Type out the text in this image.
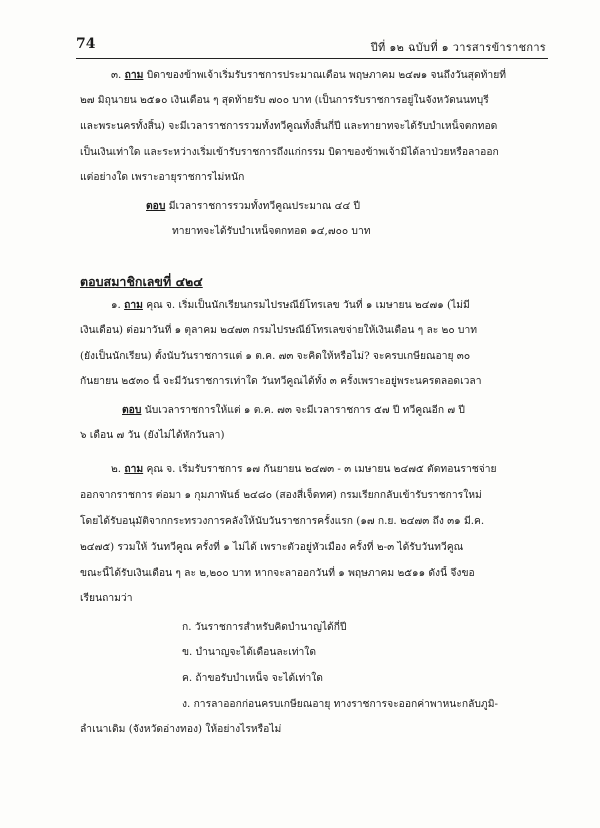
74	ปีที่ ๑๒ ฉบับที่ ๑ วารสารข้าราชการ
๓. ถาม บิดาของข้าพเจ้าเริ่มรับราชการประมาณเดือน พฤษภาคม ๒๔๗๑ จนถึงวันสุดท้ายที่
๒๗ มิถุนายน ๒๕๑๐ เงินเดือน ๆ สุดท้ายรับ ๗๐๐ บาท (เป็นการรับราชการอยู่ในจังหวัดนนทบุรี
และพระนครทั้งสิ้น) จะมีเวลาราชการรวมทั้งทวีคูณทั้งสิ้นกี่ปี และทายาทจะได้รับบำเหน็จตกทอด
เป็นเงินเท่าใด และระหว่างเริ่มเข้ารับราชการถึงแก่กรรม บิดาของข้าพเจ้ามิได้ลาป่วยหรือลาออก
แต่อย่างใด เพราะอายุราชการไม่หนัก
ตอบ มีเวลาราชการรวมทั้งทวีคูณประมาณ ๔๔ ปี
ทายาทจะได้รับบำเหน็จตกทอด ๑๔,๗๐๐ บาท
ตอบสมาชิกเลขที่ ๔๒๔
๑. ถาม คุณ จ. เริ่มเป็นนักเรียนกรมไปรษณีย์โทรเลข วันที่ ๑ เมษายน ๒๔๗๑ (ไม่มี
เงินเดือน) ต่อมาวันที่ ๑ ตุลาคม ๒๔๗๓ กรมไปรษณีย์โทรเลขจ่ายให้เงินเดือน ๆ ละ ๒๐ บาท
(ยังเป็นนักเรียน) ตั้งนับวันราชการแต่ ๑ ต.ค. ๗๓ จะคิดให้หรือไม่? จะครบเกษียณอายุ ๓๐
กันยายน ๒๕๓๐ นี้ จะมีวันราชการเท่าใด วันทวีคูณได้ทั้ง ๓ ครั้งเพราะอยู่พระนครตลอดเวลา
ตอบ นับเวลาราชการให้แต่ ๑ ต.ค. ๗๓ จะมีเวลาราชการ ๕๗ ปี ทวีคูณอีก ๗ ปี
๖ เดือน ๗ วัน (ยังไม่ได้หักวันลา)
๒. ถาม คุณ จ. เริ่มรับราชการ ๑๗ กันยายน ๒๔๗๓ - ๓ เมษายน ๒๔๗๕ ตัดทอนราชจ่าย
ออกจากราชการ ต่อมา ๑ กุมภาพันธ์ ๒๔๘๐ (สองสี่เจ็ดทศ) กรมเรียกกลับเข้ารับราชการใหม่
โดยได้รับอนุมัติจากกระทรวงการคลังให้นับวันราชการครั้งแรก (๑๗ ก.ย. ๒๔๗๓ ถึง ๓๑ มี.ค.
๒๔๗๕) รวมให้ วันทวีคูณ ครั้งที่ ๑ ไม่ได้ เพราะตัวอยู่หัวเมือง ครั้งที่ ๒-๓ ได้รับวันทวีคูณ
ขณะนี้ได้รับเงินเดือน ๆ ละ ๒,๒๐๐ บาท หากจะลาออกวันที่ ๑ พฤษภาคม ๒๕๑๑ ดังนี้ จึงขอ
เรียนถามว่า
ก. วันราชการสำหรับคิดบำนาญได้กี่ปี
ข. บำนาญจะได้เดือนละเท่าใด
ค. ถ้าขอรับบำเหน็จ จะได้เท่าใด
ง. การลาออกก่อนครบเกษียณอายุ ทางราชการจะออกค่าพาหนะกลับภูมิ-
ลำเนาเดิม (จังหวัดอ่างทอง) ให้อย่างไรหรือไม่
